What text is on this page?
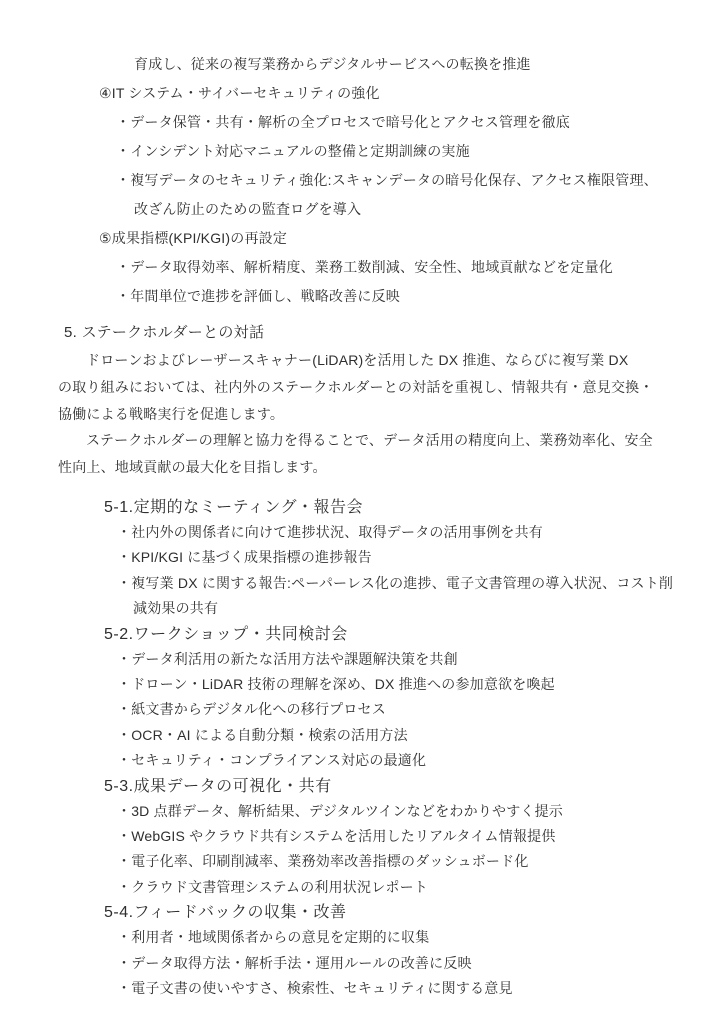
育成し、従来の複写業務からデジタルサービスへの転換を推進
④IT システム・サイバーセキュリティの強化
・データ保管・共有・解析の全プロセスで暗号化とアクセス管理を徹底
・インシデント対応マニュアルの整備と定期訓練の実施
・複写データのセキュリティ強化:スキャンデータの暗号化保存、アクセス権限管理、
改ざん防止のための監査ログを導入
⑤成果指標(KPI/KGI)の再設定
・データ取得効率、解析精度、業務工数削減、安全性、地域貢献などを定量化
・年間単位で進捗を評価し、戦略改善に反映
5. ステークホルダーとの対話
ドローンおよびレーザースキャナー(LiDAR)を活用した DX 推進、ならびに複写業 DX
の取り組みにおいては、社内外のステークホルダーとの対話を重視し、情報共有・意見交換・
協働による戦略実行を促進します。
ステークホルダーの理解と協力を得ることで、データ活用の精度向上、業務効率化、安全
性向上、地域貢献の最大化を目指します。
5-1.定期的なミーティング・報告会
・社内外の関係者に向けて進捗状況、取得データの活用事例を共有
・KPI/KGI に基づく成果指標の進捗報告
・複写業 DX に関する報告:ペーパーレス化の進捗、電子文書管理の導入状況、コスト削
減効果の共有
5-2.ワークショップ・共同検討会
・データ利活用の新たな活用方法や課題解決策を共創
・ドローン・LiDAR 技術の理解を深め、DX 推進への参加意欲を喚起
・紙文書からデジタル化への移行プロセス
・OCR・AI による自動分類・検索の活用方法
・セキュリティ・コンプライアンス対応の最適化
5-3.成果データの可視化・共有
・3D 点群データ、解析結果、デジタルツインなどをわかりやすく提示
・WebGIS やクラウド共有システムを活用したリアルタイム情報提供
・電子化率、印刷削減率、業務効率改善指標のダッシュボード化
・クラウド文書管理システムの利用状況レポート
5-4.フィードバックの収集・改善
・利用者・地域関係者からの意見を定期的に収集
・データ取得方法・解析手法・運用ルールの改善に反映
・電子文書の使いやすさ、検索性、セキュリティに関する意見
